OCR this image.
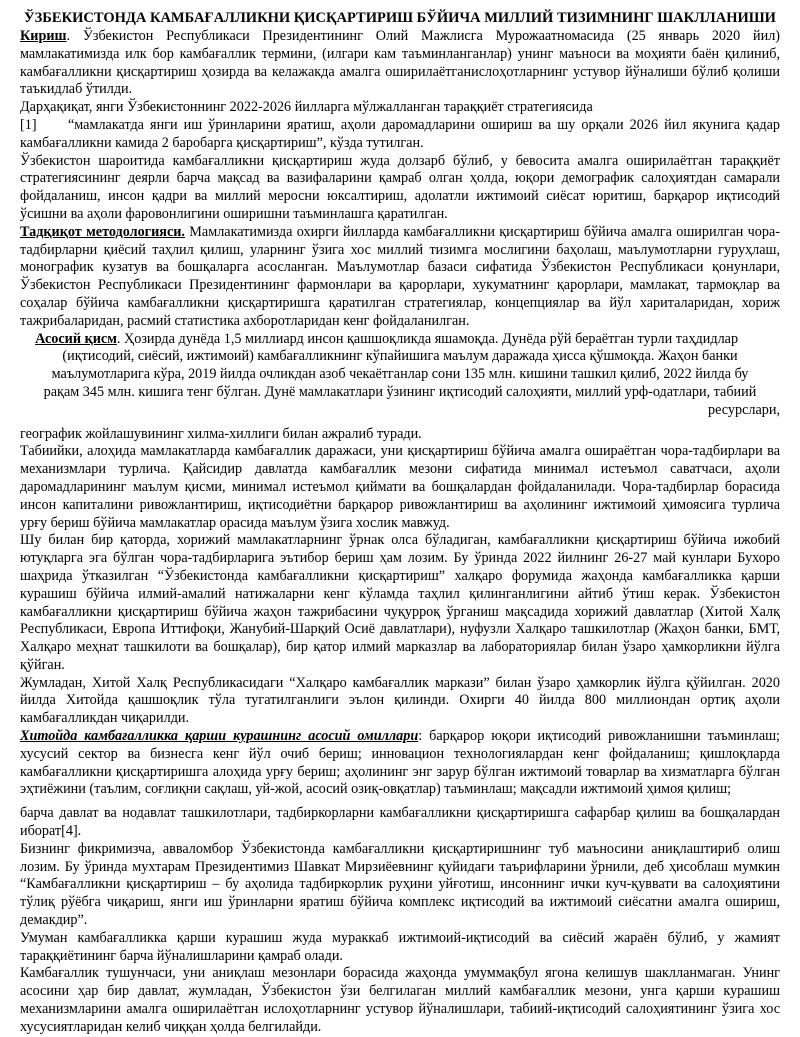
ЎЗБЕКИСТОНДА КАМБАҒАЛЛИКНИ ҚИСҚАРТИРИШ БЎЙИЧА МИЛЛИЙ ТИЗИМНИНГ ШАКЛЛАНИШИ

Кириш. Ўзбекистон Республикаси Президентининг Олий Мажлисга Мурожаатномасида (25 январь 2020 йил) мамлакатимизда илк бор камбағаллик термини, (илгари кам таъминланганлар) унинг маъноси ва моҳияти баён қилиниб, камбағалликни қисқартириш ҳозирда ва келажакда амалга оширилаётганислоҳотларнинг устувор йўналиши бўлиб қолиши таъкидлаб ўтилди.

Дарҳақиқат, янги Ўзбекистоннинг 2022-2026 йилларга мўлжалланган тараққиёт стратегиясида

[1] “мамлакатда янги иш ўринларини яратиш, аҳоли даромадларини ошириш ва шу орқали 2026 йил якунига қадар камбағалликни камида 2 баробарга қисқартириш”, кўзда тутилган.

Ўзбекистон шароитида камбағалликни қисқартириш жуда долзарб бўлиб, у бевосита амалга оширилаётган тараққиёт стратегиясининг деярли барча мақсад ва вазифаларини қамраб олган ҳолда, юқори демографик салоҳиятдан самарали фойдаланиш, инсон қадри ва миллий меросни юксалтириш, адолатли ижтимоий сиёсат юритиш, барқарор иқтисодий ўсишни ва аҳоли фаровонлигини оширишни таъминлашга қаратилган.

Тадқиқот методологияси. Мамлакатимизда охирги йилларда камбағалликни қисқартириш бўйича амалга оширилган чора-тадбирларни қиёсий таҳлил қилиш, уларнинг ўзига хос миллий тизимга мослигини баҳолаш, маълумотларни гуруҳлаш, монографик кузатув ва бошқаларга асосланган. Маълумотлар базаси сифатида Ўзбекистон Республикаси қонунлари, Ўзбекистон Республикаси Президентининг фармонлари ва қарорлари, хукуматнинг қарорлари, мамлакат, тармоқлар ва соҳалар бўйича камбағалликни қисқартиришга қаратилган стратегиялар, концепциялар ва йўл хариталаридан, хориж тажрибаларидан, расмий статистика ахборотларидан кенг фойдаланилган.

Асосий қисм. Ҳозирда дунёда 1,5 миллиард инсон қашшоқликда яшамоқда. Дунёда рўй бераётган турли таҳдидлар

(иқтисодий, сиёсий, ижтимоий) камбағалликнинг кўпайишига маълум даражада ҳисса қўшмоқда. Жаҳон банки

маълумотларига кўра, 2019 йилда очликдан азоб чекаётганлар сони 135 млн. кишини ташкил қилиб, 2022 йилда бу

рақам 345 млн. кишига тенг бўлган. Дунё мамлакатлари ўзининг иқтисодий салоҳияти, миллий урф-одатлари, табиий

ресурслари,

географик жойлашувининг хилма-хиллиги билан ажралиб туради.

Табиийки, алоҳида мамлакатларда камбағаллик даражаси, уни қисқартириш бўйича амалга оширaётган чора-тадбирлари ва механизмлари турлича. Қайсидир давлатда камбағаллик мезони сифатида минимал истеъмол саватчаси, аҳоли даромадларининг маълум қисми, минимал истеъмол қиймати ва бошқалардан фойдаланилади. Чора-тадбирлар борасида инсон капиталини ривожлантириш, иқтисодиётни барқарор ривожлантириш ва аҳолининг ижтимоий ҳимоясига турлича урғу бериш бўйича мамлакатлар орасида маълум ўзига хослик мавжуд.

Шу билан бир қаторда, хорижий мамлакатларнинг ўрнак олса бўладиган, камбағалликни қисқартириш бўйича ижобий ютуқларга эга бўлган чора-тадбирларига эътибор бериш ҳам лозим. Бу ўринда 2022 йилнинг 26-27 май кунлари Бухоро шаҳрида ўтказилган “Ўзбекистонда камбағалликни қисқартириш” халқаро форумида жаҳонда камбағалликка қарши курашиш бўйича илмий-амалий натижаларни кенг кўламда таҳлил қилинганлигини айтиб ўтиш керак. Ўзбекистон камбағалликни қисқартириш бўйича жаҳон тажрибасини чуқурроқ ўрганиш мақсадида хорижий давлатлар (Хитой Халқ Республикаси, Европа Иттифоқи, Жанубий-Шарқий Осиё давлатлари), нуфузли Халқаро ташкилотлар (Жаҳон банки, БМТ, Халқаро меҳнат ташкилоти ва бошқалар), бир қатор илмий марказлар ва лабораториялар билан ўзаро ҳамкорликни йўлга қўйган.

Жумладан, Хитой Халқ Республикасидаги “Халқаро камбағаллик маркази” билан ўзаро ҳамкорлик йўлга қўйилган. 2020 йилда Хитойда қашшоқлик тўла тугатилганлиги эълон қилинди. Охирги 40 йилда 800 миллиондан ортиқ аҳоли камбағалликдан чиқарилди.

Хитойда камбағалликка қарши курашнинг асосий омиллари: барқарор юқори иқтисодий ривожланишни таъминлаш; хусусий сектор ва бизнесга кенг йўл очиб бериш; инновацион технологиялардан кенг фойдаланиш; қишлоқларда камбағалликни қисқартиришга алоҳида урғу бериш; аҳолининг энг зарур бўлган ижтимоий товарлар ва хизматларга бўлган эҳтиёжини (таълим, соғлиқни сақлаш, уй-жой, асосий озиқ-овқатлар) таъминлаш; мақсадли ижтимоий ҳимоя қилиш;

барча давлат ва нодавлат ташкилотлари, тадбиркорларни камбағалликни қисқартиришга сафарбар қилиш ва бошқалардан иборат[4].

Бизнинг фикримизча, авваломбор Ўзбекистонда камбағалликни қисқартиришнинг туб маъносини аниқлаштириб олиш лозим. Бу ўринда мухтарам Президентимиз Шавкат Мирзиёевнинг қуйидаги таърифларини ўрнили, деб ҳисоблаш мумкин “Камбағалликни қисқартириш – бу аҳолида тадбиркорлик руҳини уйғотиш, инсоннинг ички куч-қуввати ва салоҳиятини тўлиқ рўёбга чиқариш, янги иш ўринларни яратиш бўйича комплекс иқтисодий ва ижтимоий сиёсатни амалга ошириш, демакдир”.

Умуман камбағалликка қарши курашиш жуда мураккаб ижтимоий-иқтисодий ва сиёсий жараён бўлиб, у жамият тараққиётининг барча йўналишларини қамраб олади.

Камбағаллик тушунчаси, уни аниқлаш мезонлари борасида жаҳонда умуммақбул ягона келишув шаклланмаган. Унинг асосини ҳар бир давлат, жумладан, Ўзбекистон ўзи белгилаган миллий камбағаллик мезони, унга қарши курашиш механизмларини амалга оширилаётган ислоҳотларнинг устувор йўналишлари, табиий-иқтисодий салоҳиятининг ўзига хос хусусиятларидан келиб чиққан ҳолда белгилайди.
